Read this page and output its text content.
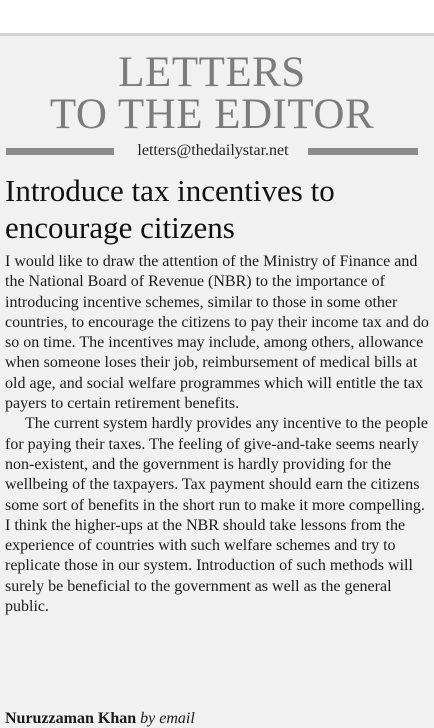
LETTERS
TO THE EDITOR
letters@thedailystar.net
Introduce tax incentives to encourage citizens

I would like to draw the attention of the Ministry of Finance and the National Board of Revenue (NBR) to the importance of introducing incentive schemes, similar to those in some other countries, to encourage the citizens to pay their income tax and do so on time. The incentives may include, among others, allowance when someone loses their job, reimbursement of medical bills at old age, and social welfare programmes which will entitle the tax payers to certain retirement benefits.

The current system hardly provides any incentive to the people for paying their taxes. The feeling of give-and-take seems nearly non-existent, and the government is hardly providing for the wellbeing of the taxpayers. Tax payment should earn the citizens some sort of benefits in the short run to make it more compelling. I think the higher-ups at the NBR should take lessons from the experience of countries with such welfare schemes and try to replicate those in our system. Introduction of such methods will surely be beneficial to the government as well as the general public.

Nuruzzaman Khan by email
